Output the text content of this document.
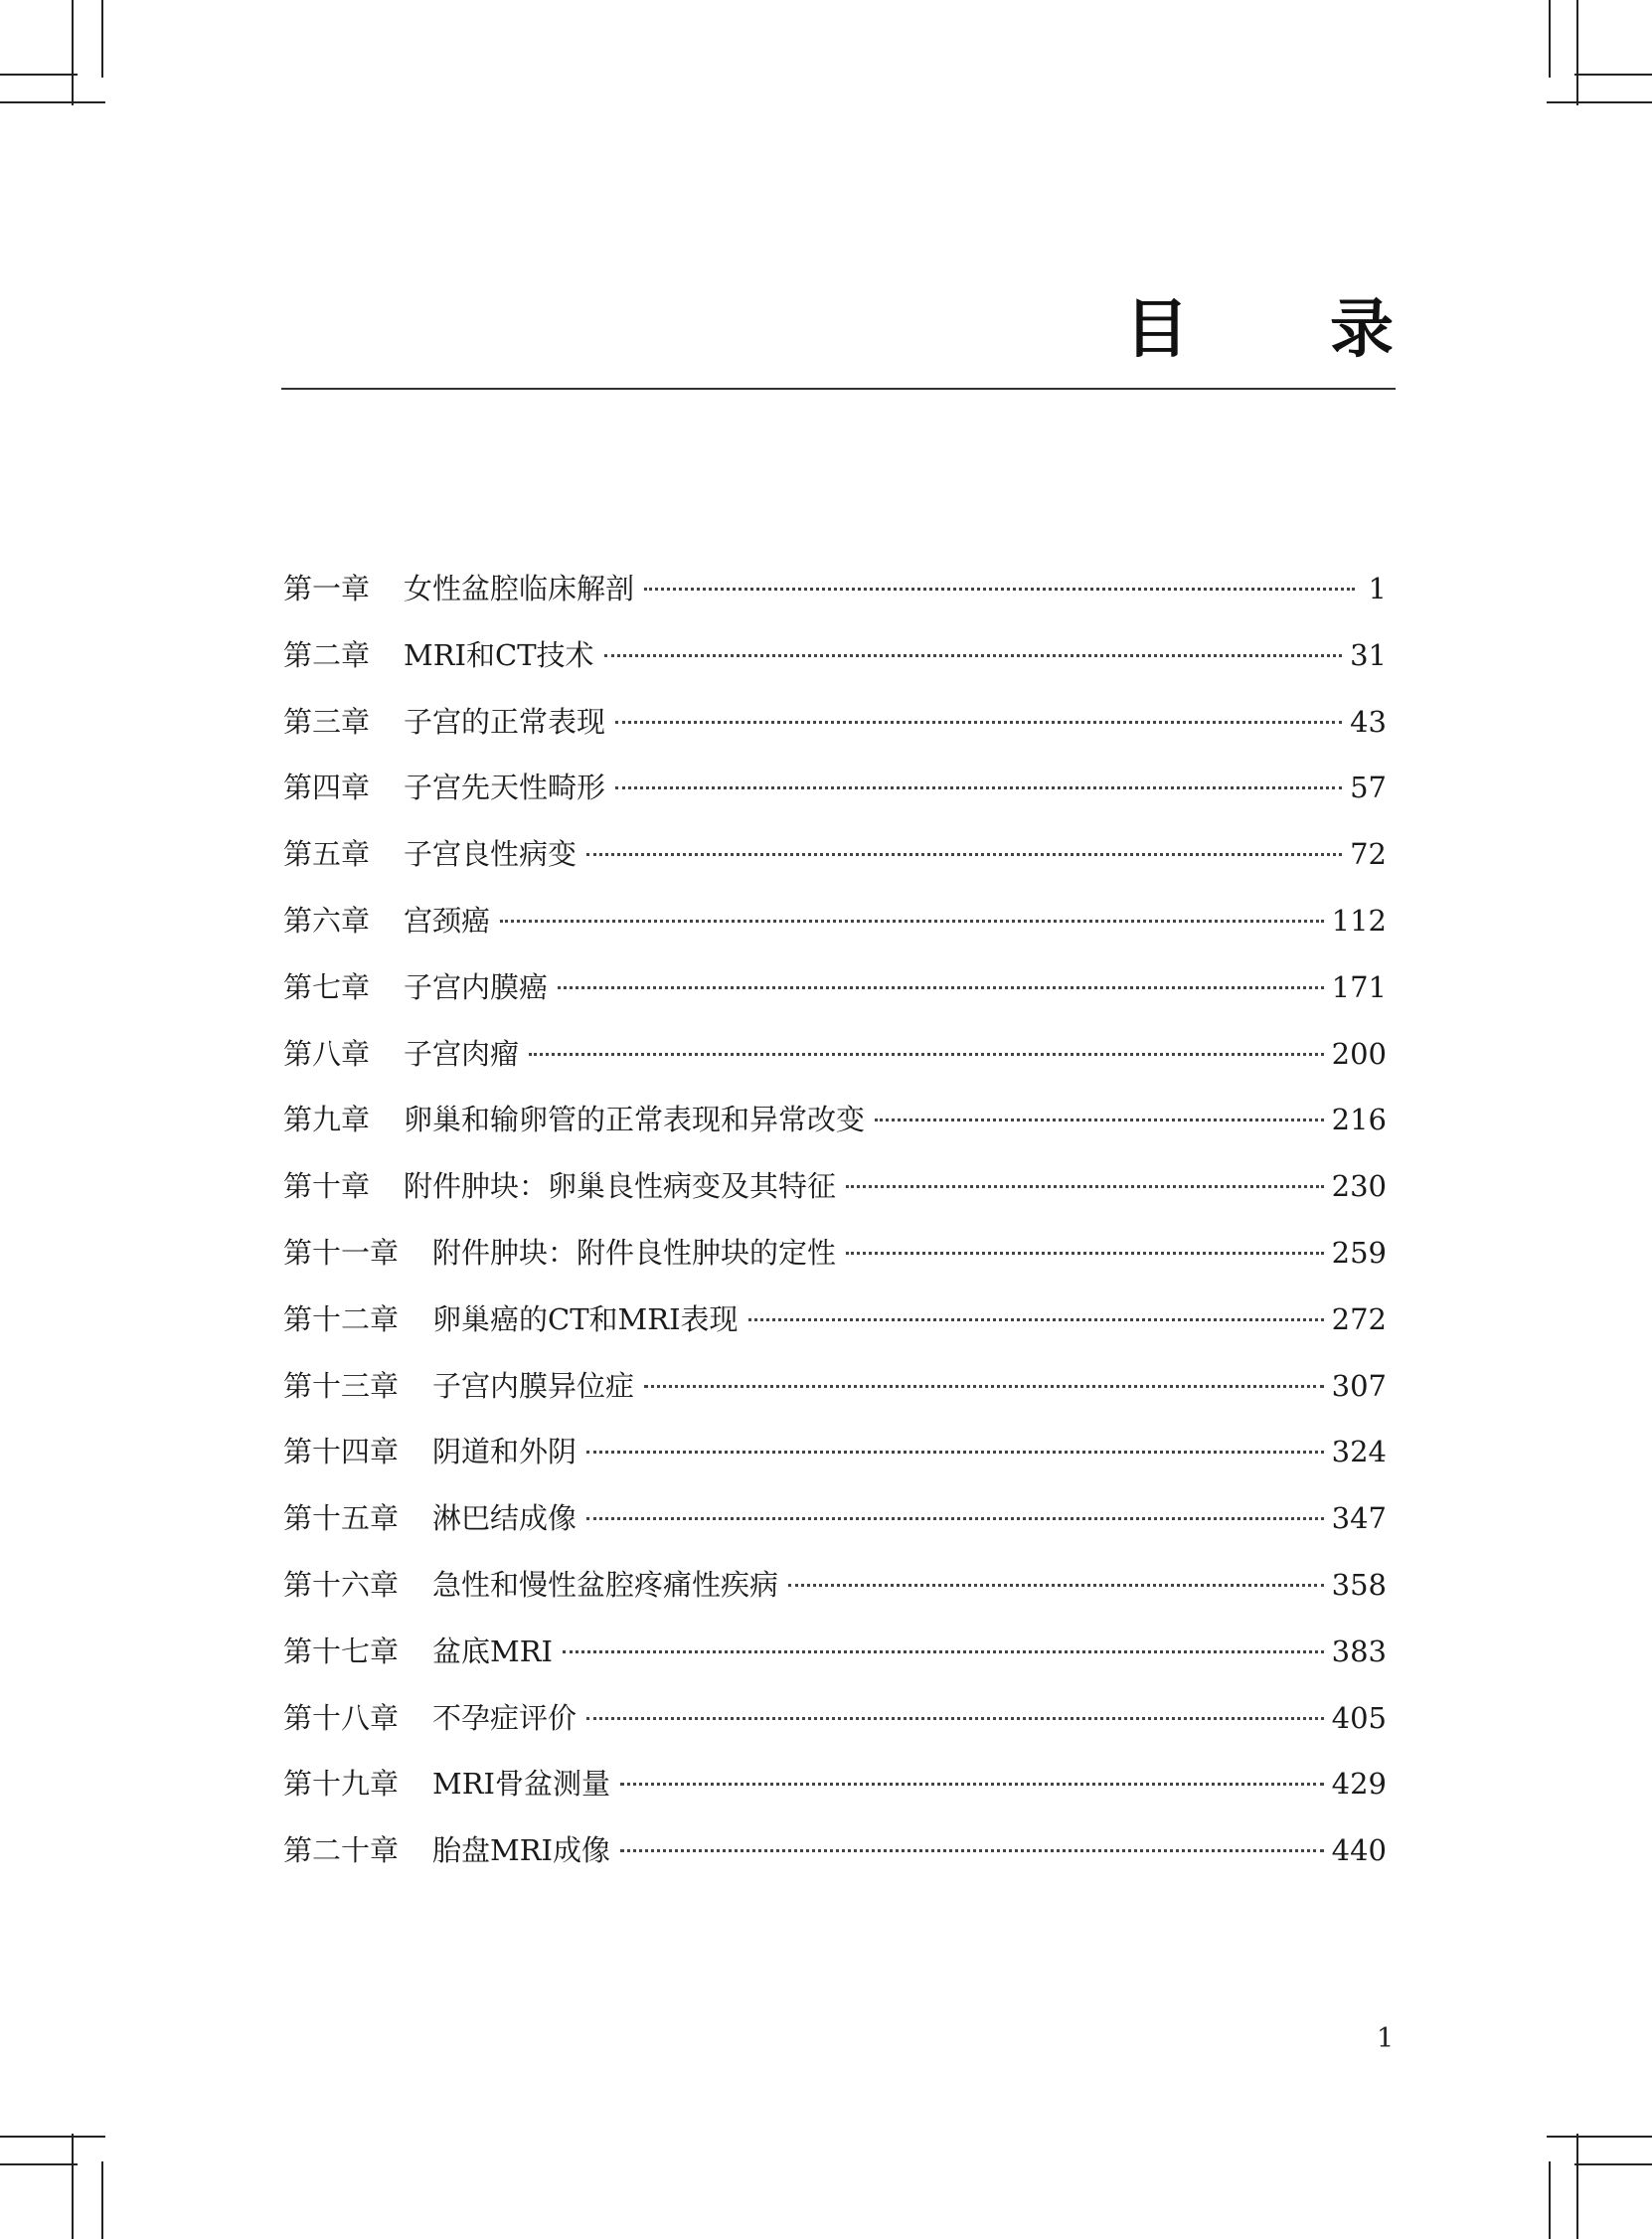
目 录
第一章 女性盆腔临床解剖	1
第二章 MRI和CT技术	31
第三章 子宫的正常表现	43
第四章 子宫先天性畸形	57
第五章 子宫良性病变	72
第六章 宫颈癌	112
第七章 子宫内膜癌	171
第八章 子宫肉瘤	200
第九章 卵巢和输卵管的正常表现和异常改变	216
第十章 附件肿块：卵巢良性病变及其特征	230
第十一章 附件肿块：附件良性肿块的定性	259
第十二章 卵巢癌的CT和MRI表现	272
第十三章 子宫内膜异位症	307
第十四章 阴道和外阴	324
第十五章 淋巴结成像	347
第十六章 急性和慢性盆腔疼痛性疾病	358
第十七章 盆底MRI	383
第十八章 不孕症评价	405
第十九章 MRI骨盆测量	429
第二十章 胎盘MRI成像	440
1
